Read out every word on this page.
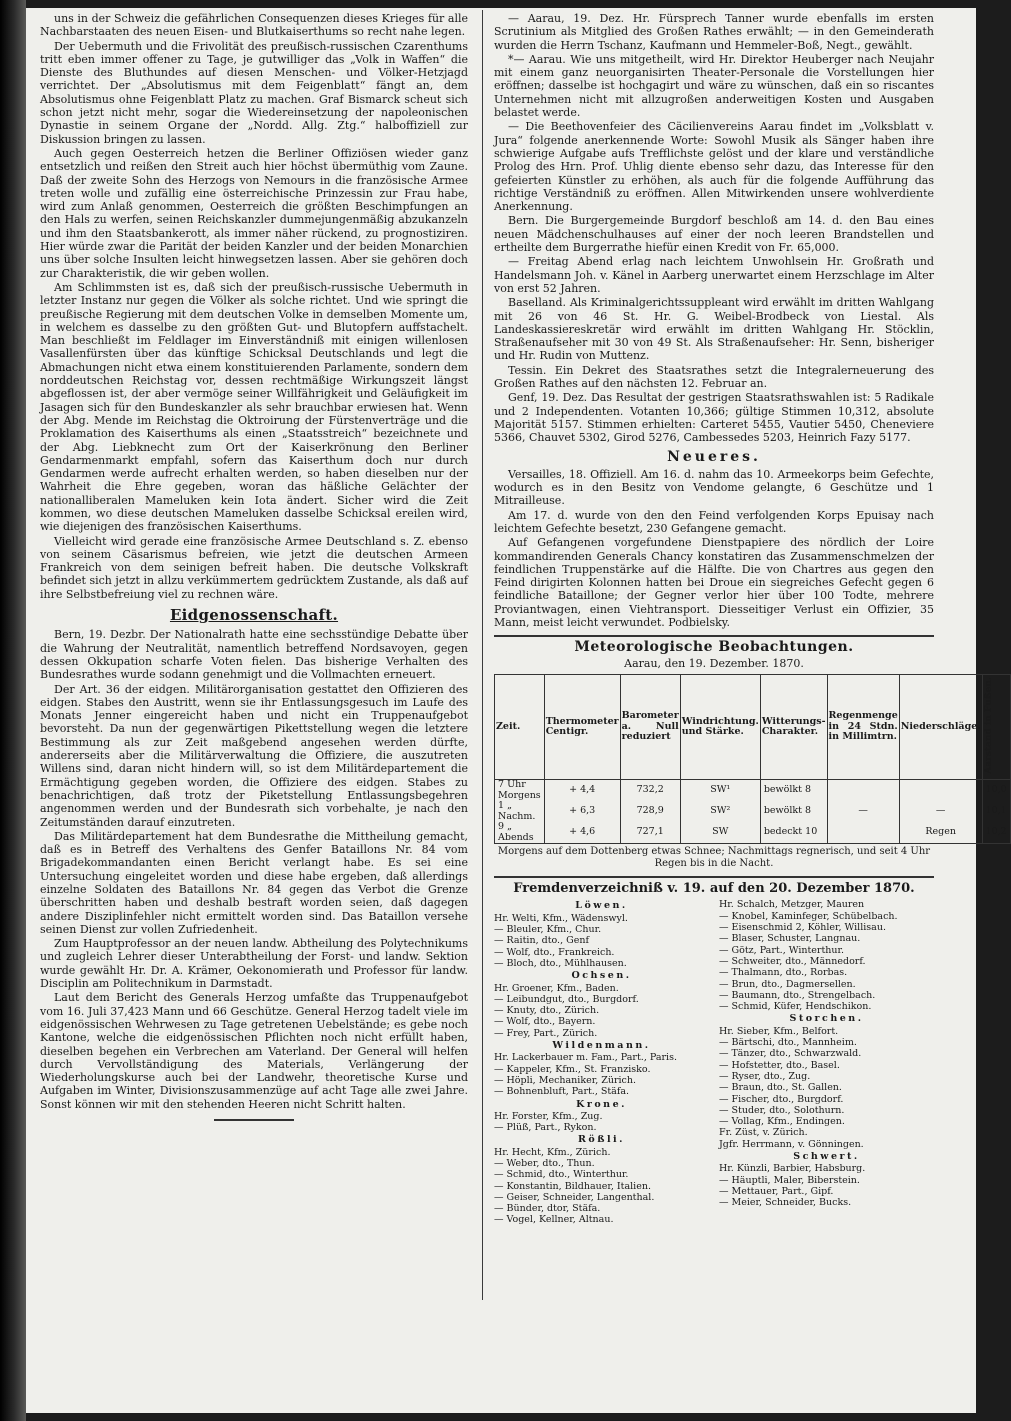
uns in der Schweiz die gefährlichen Consequenzen dieses Krieges für alle Nachbarstaaten des neuen Eisen- und Blutkaiserthums so recht nahe legen.

Der Uebermuth und die Frivolität des preußisch-russischen Czarenthums tritt eben immer offener zu Tage, je gutwilliger das „Volk in Waffen“ die Dienste des Bluthundes auf diesen Menschen- und Völker-Hetzjagd verrichtet. Der „Absolutismus mit dem Feigenblatt“ fängt an, dem Absolutismus ohne Feigenblatt Platz zu machen. Graf Bismarck scheut sich schon jetzt nicht mehr, sogar die Wiedereinsetzung der napoleonischen Dynastie in seinem Organe der „Nordd. Allg. Ztg.“ halboffiziell zur Diskussion bringen zu lassen.

Auch gegen Oesterreich hetzen die Berliner Offiziösen wieder ganz entsetzlich und reißen den Streit auch hier höchst übermüthig vom Zaune. Daß der zweite Sohn des Herzogs von Nemours in die französische Armee treten wolle und zufällig eine österreichische Prinzessin zur Frau habe, wird zum Anlaß genommen, Oesterreich die größten Beschimpfungen an den Hals zu werfen, seinen Reichskanzler dummejungenmäßig abzukanzeln und ihm den Staatsbankerott, als immer näher rückend, zu prognostiziren. Hier würde zwar die Parität der beiden Kanzler und der beiden Monarchien uns über solche Insulten leicht hinwegsetzen lassen. Aber sie gehören doch zur Charakteristik, die wir geben wollen.

Am Schlimmsten ist es, daß sich der preußisch-russische Uebermuth in letzter Instanz nur gegen die Völker als solche richtet. Und wie springt die preußische Regierung mit dem deutschen Volke in demselben Momente um, in welchem es dasselbe zu den größten Gut- und Blutopfern auffstachelt. Man beschließt im Feldlager im Einverständniß mit einigen willenlosen Vasallenfürsten über das künftige Schicksal Deutschlands und legt die Abmachungen nicht etwa einem konstituierenden Parlamente, sondern dem norddeutschen Reichstag vor, dessen rechtmäßige Wirkungszeit längst abgeflossen ist, der aber vermöge seiner Willfährigkeit und Geläufigkeit im Jasagen sich für den Bundeskanzler als sehr brauchbar erwiesen hat. Wenn der Abg. Mende im Reichstag die Oktroirung der Fürstenverträge und die Proklamation des Kaiserthums als einen „Staatsstreich“ bezeichnete und der Abg. Liebknecht zum Ort der Kaiserkrönung den Berliner Gendarmenmarkt empfahl, sofern das Kaiserthum doch nur durch Gendarmen werde aufrecht erhalten werden, so haben dieselben nur der Wahrheit die Ehre gegeben, woran das häßliche Gelächter der nationalliberalen Mameluken kein Iota ändert. Sicher wird die Zeit kommen, wo diese deutschen Mameluken dasselbe Schicksal ereilen wird, wie diejenigen des französischen Kaiserthums.

Vielleicht wird gerade eine französische Armee Deutschland s. Z. ebenso von seinem Cäsarismus befreien, wie jetzt die deutschen Armeen Frankreich von dem seinigen befreit haben. Die deutsche Volkskraft befindet sich jetzt in allzu verkümmertem gedrücktem Zustande, als daß auf ihre Selbstbefreiung viel zu rechnen wäre.

Eidgenossenschaft.

Bern, 19. Dezbr. Der Nationalrath hatte eine sechsstündige Debatte über die Wahrung der Neutralität, namentlich betreffend Nordsavoyen, gegen dessen Okkupation scharfe Voten fielen. Das bisherige Verhalten des Bundesrathes wurde sodann genehmigt und die Vollmachten erneuert.

Der Art. 36 der eidgen. Militärorganisation gestattet den Offizieren des eidgen. Stabes den Austritt, wenn sie ihr Entlassungsgesuch im Laufe des Monats Jenner eingereicht haben und nicht ein Truppenaufgebot bevorsteht. Da nun der gegenwärtigen Pikettstellung wegen die letztere Bestimmung als zur Zeit maßgebend angesehen werden dürfte, andererseits aber die Militärverwaltung die Offiziere, die auszutreten Willens sind, daran nicht hindern will, so ist dem Militärdepartement die Ermächtigung gegeben worden, die Offiziere des eidgen. Stabes zu benachrichtigen, daß trotz der Piketstellung Entlassungsbegehren angenommen werden und der Bundesrath sich vorbehalte, je nach den Zeitumständen darauf einzutreten.

Das Militärdepartement hat dem Bundesrathe die Mittheilung gemacht, daß es in Betreff des Verhaltens des Genfer Bataillons Nr. 84 vom Brigadekommandanten einen Bericht verlangt habe. Es sei eine Untersuchung eingeleitet worden und diese habe ergeben, daß allerdings einzelne Soldaten des Bataillons Nr. 84 gegen das Verbot die Grenze überschritten haben und deshalb bestraft worden seien, daß dagegen andere Disziplinfehler nicht ermittelt worden sind. Das Bataillon versehe seinen Dienst zur vollen Zufriedenheit.

Zum Hauptprofessor an der neuen landw. Abtheilung des Polytechnikums und zugleich Lehrer dieser Unterabtheilung der Forst- und landw. Sektion wurde gewählt Hr. Dr. A. Krämer, Oekonomierath und Professor für landw. Disciplin am Politechnikum in Darmstadt.

Laut dem Bericht des Generals Herzog umfaßte das Truppenaufgebot vom 16. Juli 37,423 Mann und 66 Geschütze. General Herzog tadelt viele im eidgenössischen Wehrwesen zu Tage getretenen Uebelstände; es gebe noch Kantone, welche die eidgenössischen Pflichten noch nicht erfüllt haben, dieselben begehen ein Verbrechen am Vaterland. Der General will helfen durch Vervollständigung des Materials, Verlängerung der Wiederholungskurse auch bei der Landwehr, theoretische Kurse und Aufgaben im Winter, Divisionszusammenzüge auf acht Tage alle zwei Jahre. Sonst können wir mit den stehenden Heeren nicht Schritt halten.

— Aarau, 19. Dez. Hr. Fürsprech Tanner wurde ebenfalls im ersten Scrutinium als Mitglied des Großen Rathes erwählt; — in den Gemeinderath wurden die Herrn Tschanz, Kaufmann und Hemmeler-Boß, Negt., gewählt.

*— Aarau. Wie uns mitgetheilt, wird Hr. Direktor Heuberger nach Neujahr mit einem ganz neuorganisirten Theater-Personale die Vorstellungen hier eröffnen; dasselbe ist hochgagirt und wäre zu wünschen, daß ein so riscantes Unternehmen nicht mit allzugroßen anderweitigen Kosten und Ausgaben belastet werde.

— Die Beethovenfeier des Cäcilienvereins Aarau findet im „Volksblatt v. Jura“ folgende anerkennende Worte: Sowohl Musik als Sänger haben ihre schwierige Aufgabe aufs Trefflichste gelöst und der klare und verständliche Prolog des Hrn. Prof. Uhlig diente ebenso sehr dazu, das Interesse für den gefeierten Künstler zu erhöhen, als auch für die folgende Aufführung das richtige Verständniß zu eröffnen. Allen Mitwirkenden unsere wohlverdiente Anerkennung.

Bern. Die Burgergemeinde Burgdorf beschloß am 14. d. den Bau eines neuen Mädchenschulhauses auf einer der noch leeren Brandstellen und ertheilte dem Burgerrathe hiefür einen Kredit von Fr. 65,000.

— Freitag Abend erlag nach leichtem Unwohlsein Hr. Großrath und Handelsmann Joh. v. Känel in Aarberg unerwartet einem Herzschlage im Alter von erst 52 Jahren.

Baselland. Als Kriminalgerichtssuppleant wird erwählt im dritten Wahlgang mit 26 von 46 St. Hr. G. Weibel-Brodbeck von Liestal. Als Landeskassiereskretär wird erwählt im dritten Wahlgang Hr. Stöcklin, Straßenaufseher mit 30 von 49 St. Als Straßenaufseher: Hr. Senn, bisheriger und Hr. Rudin von Muttenz.

Tessin. Ein Dekret des Staatsrathes setzt die Integralerneuerung des Großen Rathes auf den nächsten 12. Februar an.

Genf, 19. Dez. Das Resultat der gestrigen Staatsrathswahlen ist: 5 Radikale und 2 Independenten. Votanten 10,366; gültige Stimmen 10,312, absolute Majorität 5157. Stimmen erhielten: Carteret 5455, Vautier 5450, Cheneviere 5366, Chauvet 5302, Girod 5276, Cambessedes 5203, Heinrich Fazy 5177.

Neueres.

Versailles, 18. Offiziell. Am 16. d. nahm das 10. Armeekorps beim Gefechte, wodurch es in den Besitz von Vendome gelangte, 6 Geschütze und 1 Mitrailleuse.

Am 17. d. wurde von den den Feind verfolgenden Korps Epuisay nach leichtem Gefechte besetzt, 230 Gefangene gemacht.

Auf Gefangenen vorgefundene Dienstpapiere des nördlich der Loire kommandirenden Generals Chancy konstatiren das Zusammenschmelzen der feindlichen Truppenstärke auf die Hälfte. Die von Chartres aus gegen den Feind dirigirten Kolonnen hatten bei Droue ein siegreiches Gefecht gegen 6 feindliche Bataillone; der Gegner verlor hier über 100 Todte, mehrere Proviantwagen, einen Viehtransport. Diesseitiger Verlust ein Offizier, 35 Mann, meist leicht verwundet. Podbielsky.

Meteorologische Beobachtungen.
Aarau, den 19. Dezember. 1870.
Zeit.	Thermometer Centigr.	Barometer a. Null reduziert	Windrichtung. und Stärke.	Witterungs-Charakter.	Regenmenge in 24 Stdn. in Millimtrn.	Niederschläge.	Aarstand in Fußen.
7 Uhr Morgens	+ 4,4	732,2	SW¹	bewölkt 8			10,0
1 „ Nachm.	+ 6,3	728,9	SW²	bewölkt 8	—	—	10,1
9 „ Abends	+ 4,6	727,1	SW	bedeckt 10		Regen	10,2
Morgens auf dem Dottenberg etwas Schnee; Nachmittags regnerisch, und seit 4 Uhr Regen bis in die Nacht.
Fremdenverzeichniß v. 19. auf den 20. Dezember 1870.
Löwen.
Hr. Welti, Kfm., Wädenswyl.
— Bleuler, Kfm., Chur.
— Raitin, dto., Genf
— Wolf, dto., Frankreich.
— Bloch, dto., Mühlhausen.
Ochsen.
Hr. Groener, Kfm., Baden.
— Leibundgut, dto., Burgdorf.
— Knuty, dto., Zürich.
— Wolf, dto., Bayern.
— Frey, Part., Zürich.
Wildenmann.
Hr. Lackerbauer m. Fam., Part., Paris.
— Kappeler, Kfm., St. Franzisko.
— Höpli, Mechaniker, Zürich.
— Bohnenbluft, Part., Stäfa.
Krone.
Hr. Forster, Kfm., Zug.
— Plüß, Part., Rykon.
Rößli.
Hr. Hecht, Kfm., Zürich.
— Weber, dto., Thun.
— Schmid, dto., Winterthur.
— Konstantin, Bildhauer, Italien.
— Geiser, Schneider, Langenthal.
— Bünder, dtor, Stäfa.
— Vogel, Kellner, Altnau.
Hr. Schalch, Metzger, Mauren
— Knobel, Kaminfeger, Schübelbach.
— Eisenschmid 2, Köhler, Willisau.
— Blaser, Schuster, Langnau.
— Götz, Part., Winterthur.
— Schweiter, dto., Männedorf.
— Thalmann, dto., Rorbas.
— Brun, dto., Dagmersellen.
— Baumann, dto., Strengelbach.
— Schmid, Küfer, Hendschikon.
Storchen.
Hr. Sieber, Kfm., Belfort.
— Bärtschi, dto., Mannheim.
— Tänzer, dto., Schwarzwald.
— Hofstetter, dto., Basel.
— Ryser, dto., Zug.
— Braun, dto., St. Gallen.
— Fischer, dto., Burgdorf.
— Studer, dto., Solothurn.
— Vollag, Kfm., Endingen.
Fr. Züst, v. Zürich.
Jgfr. Herrmann, v. Gönningen.
Schwert.
Hr. Künzli, Barbier, Habsburg.
— Häuptli, Maler, Biberstein.
— Mettauer, Part., Gipf.
— Meier, Schneider, Bucks.
